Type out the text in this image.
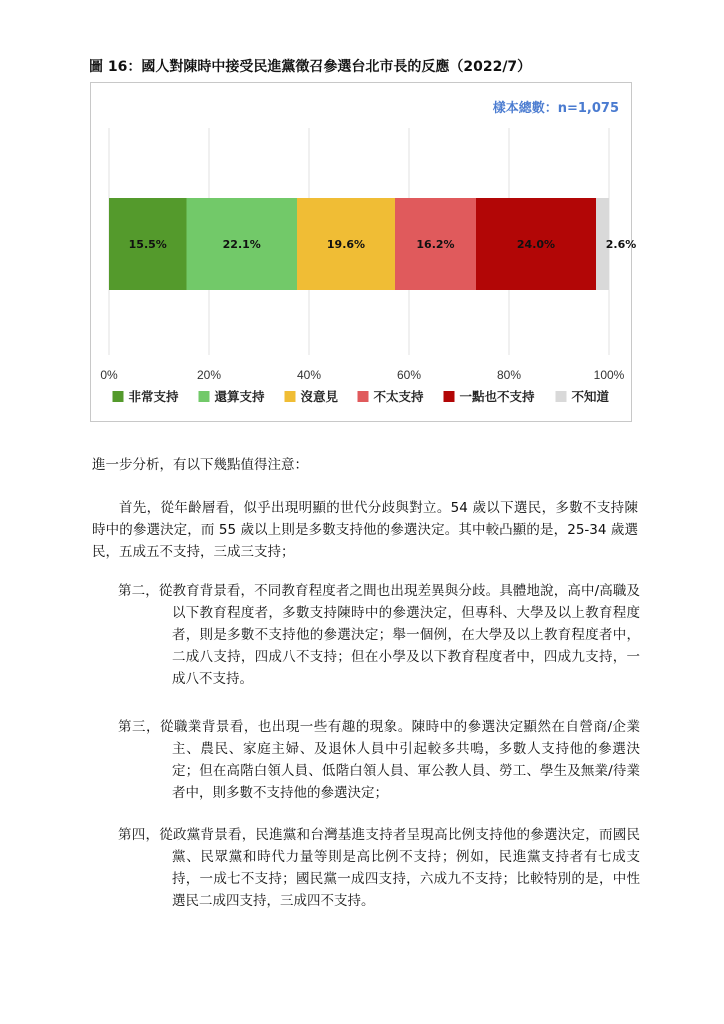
圖 16：國人對陳時中接受民進黨徵召參選台北市長的反應（2022/7）
樣本總數：n=1,075
0%	20%	40%	60%	80%	100%
15.5%	22.1%	19.6%	16.2%	24.0%	2.6%
非常支持	還算支持	沒意見	不太支持	一點也不支持	不知道
進一步分析，有以下幾點值得注意：
首先，從年齡層看，似乎出現明顯的世代分歧與對立。54 歲以下選民，多數不支持陳時中的參選決定，而 55 歲以上則是多數支持他的參選決定。其中較凸顯的是，25-34 歲選民，五成五不支持，三成三支持；
第二，從教育背景看，不同教育程度者之間也出現差異與分歧。具體地說，高中/高職及以下教育程度者，多數支持陳時中的參選決定，但專科、大學及以上教育程度者，則是多數不支持他的參選決定；舉一個例，在大學及以上教育程度者中，二成八支持，四成八不支持；但在小學及以下教育程度者中，四成九支持，一成八不支持。
第三，從職業背景看，也出現一些有趣的現象。陳時中的參選決定顯然在自營商/企業主、農民、家庭主婦、及退休人員中引起較多共鳴，多數人支持他的參選決定；但在高階白領人員、低階白領人員、軍公教人員、勞工、學生及無業/待業者中，則多數不支持他的參選決定；
第四，從政黨背景看，民進黨和台灣基進支持者呈現高比例支持他的參選決定，而國民黨、民眾黨和時代力量等則是高比例不支持；例如，民進黨支持者有七成支持，一成七不支持；國民黨一成四支持，六成九不支持；比較特別的是，中性選民二成四支持，三成四不支持。
